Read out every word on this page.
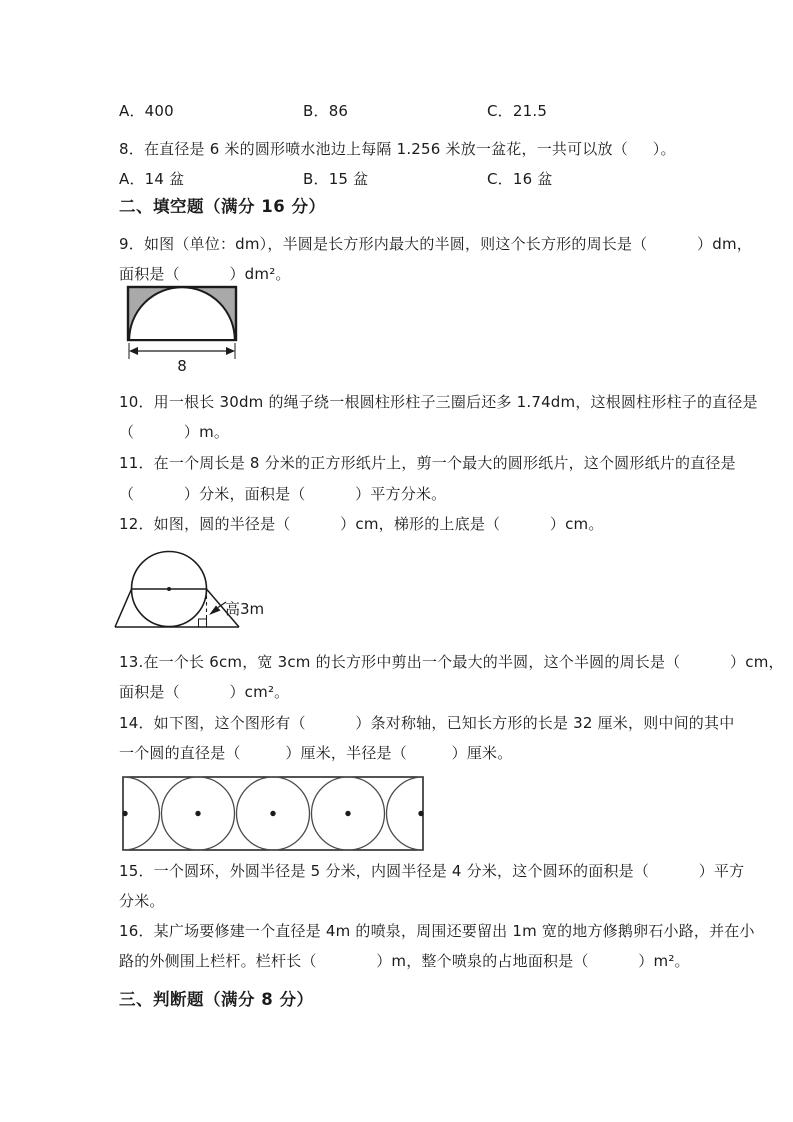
A．400

	B．86

	C．21.5

8．在直径是 6 米的圆形喷水池边上每隔 1.256 米放一盆花，一共可以放（     ）。

A．14 盆

	B．15 盆

	C．16 盆

二、填空题（满分 16 分）
9．如图（单位：dm），半圆是长方形内最大的半圆，则这个长方形的周长是（          ）dm，
面积是（          ）dm²。
8
10．用一根长 30dm 的绳子绕一根圆柱形柱子三圈后还多 1.74dm，这根圆柱形柱子的直径是
（          ）m。
11．在一个周长是 8 分米的正方形纸片上，剪一个最大的圆形纸片，这个圆形纸片的直径是
（          ）分米，面积是（          ）平方分米。
12．如图，圆的半径是（          ）cm，梯形的上底是（          ）cm。
高3m
13.在一个长 6cm，宽 3cm 的长方形中剪出一个最大的半圆，这个半圆的周长是（          ）cm，
面积是（          ）cm²。
14．如下图，这个图形有（          ）条对称轴，已知长方形的长是 32 厘米，则中间的其中
一个圆的直径是（         ）厘米，半径是（         ）厘米。
15．一个圆环，外圆半径是 5 分米，内圆半径是 4 分米，这个圆环的面积是（          ）平方
分米。
16．某广场要修建一个直径是 4m 的喷泉，周围还要留出 1m 宽的地方修鹅卵石小路，并在小
路的外侧围上栏杆。栏杆长（            ）m，整个喷泉的占地面积是（          ）m²。
三、判断题（满分 8 分）
